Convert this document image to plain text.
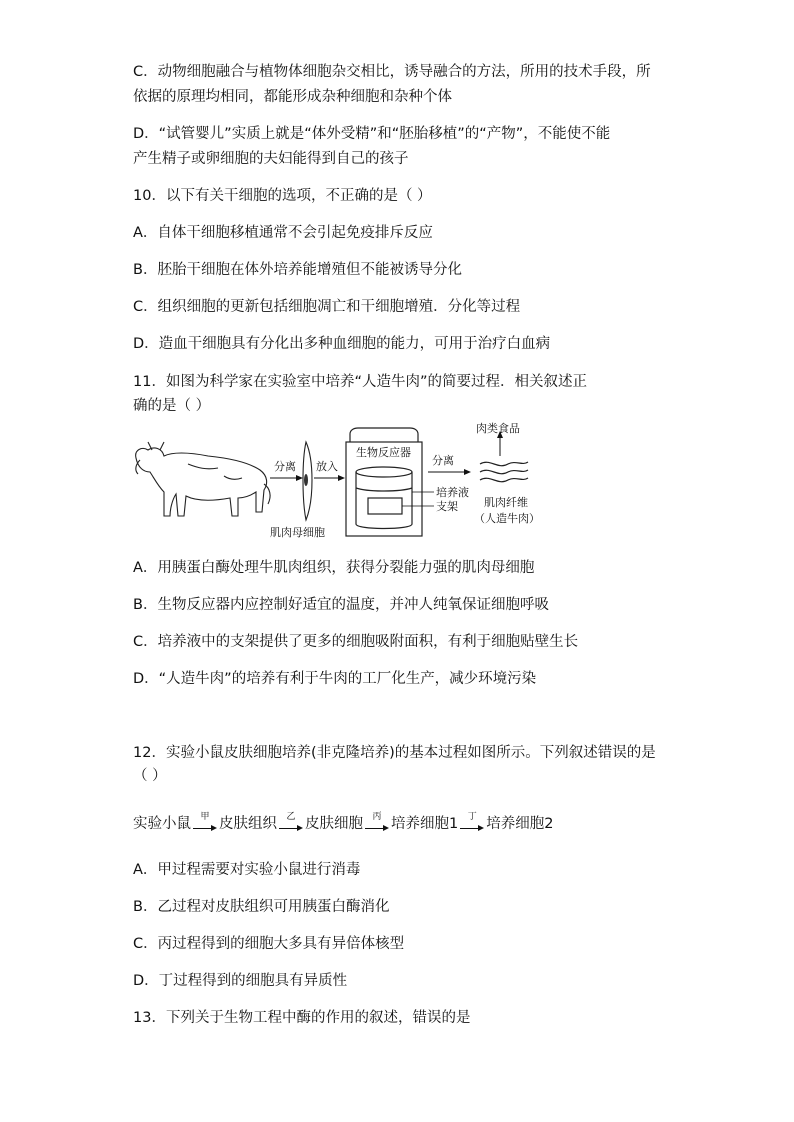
C．动物细胞融合与植物体细胞杂交相比，诱导融合的方法，所用的技术手段，所
依据的原理均相同，都能形成杂种细胞和杂种个体
D．“试管婴儿”实质上就是“体外受精”和“胚胎移植”的“产物”，不能使不能
产生精子或卵细胞的夫妇能得到自己的孩子
10．以下有关干细胞的选项，不正确的是（ ）
A．自体干细胞移植通常不会引起免疫排斥反应
B．胚胎干细胞在体外培养能增殖但不能被诱导分化
C．组织细胞的更新包括细胞凋亡和干细胞增殖．分化等过程
D．造血干细胞具有分化出多种血细胞的能力，可用于治疗白血病
11．如图为科学家在实验室中培养“人造牛肉”的简要过程．相关叙述正
确的是（ ）
分离
肌肉母细胞
放入
生物反应器
培养液
支架
分离
肉类食品
肌肉纤维
（人造牛肉）
A．用胰蛋白酶处理牛肌肉组织，获得分裂能力强的肌肉母细胞
B．生物反应器内应控制好适宜的温度，并冲人纯氧保证细胞呼吸
C．培养液中的支架提供了更多的细胞吸附面积，有利于细胞贴壁生长
D．“人造牛肉”的培养有利于牛肉的工厂化生产，减少环境污染
12．实验小鼠皮肤细胞培养(非克隆培养)的基本过程如图所示。下列叙述错误的是
（ ）
实验小鼠	甲 皮肤组织	乙 皮肤细胞	丙 培养细胞1	丁 培养细胞2
A．甲过程需要对实验小鼠进行消毒
B．乙过程对皮肤组织可用胰蛋白酶消化
C．丙过程得到的细胞大多具有异倍体核型
D．丁过程得到的细胞具有异质性
13．下列关于生物工程中酶的作用的叙述，错误的是
